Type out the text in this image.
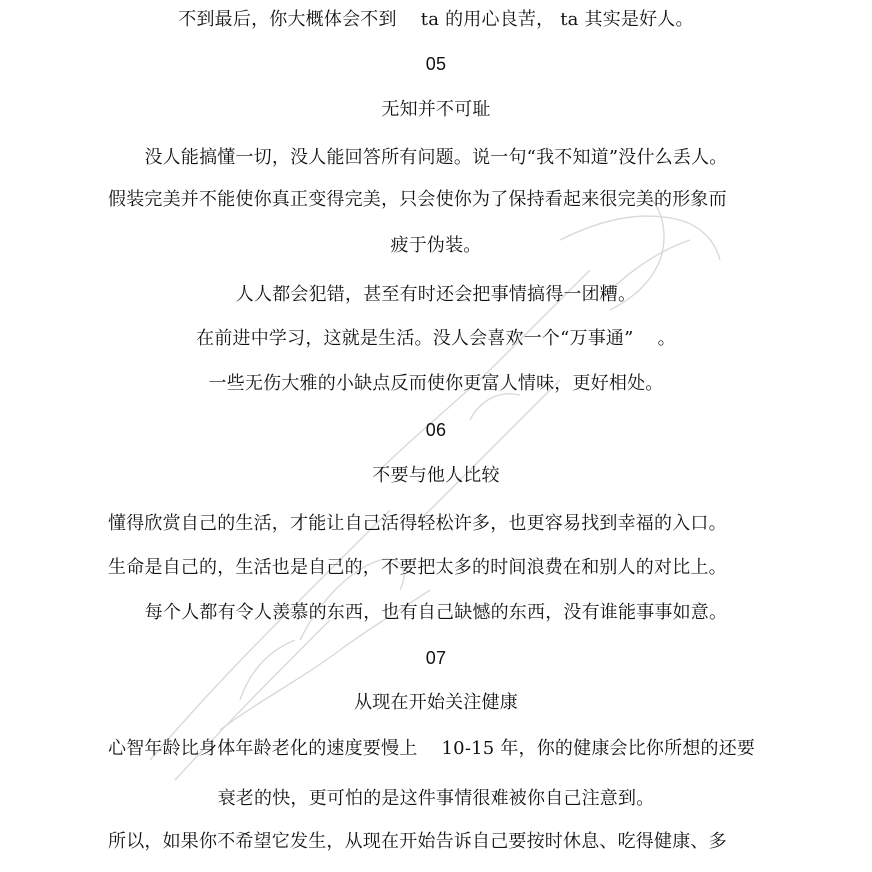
不到最后，你大概体会不到　 ta 的用心良苦， ta 其实是好人。
05
无知并不可耻
没人能搞懂一切，没人能回答所有问题。说一句“我不知道”没什么丢人。
假装完美并不能使你真正变得完美，只会使你为了保持看起来很完美的形象而
疲于伪装。
人人都会犯错，甚至有时还会把事情搞得一团糟。
在前进中学习，这就是生活。没人会喜欢一个“万事通”　 。
一些无伤大雅的小缺点反而使你更富人情味，更好相处。
06
不要与他人比较
懂得欣赏自己的生活，才能让自己活得轻松许多，也更容易找到幸福的入口。
生命是自己的，生活也是自己的，不要把太多的时间浪费在和别人的对比上。
每个人都有令人羡慕的东西，也有自己缺憾的东西，没有谁能事事如意。
07
从现在开始关注健康
心智年龄比身体年龄老化的速度要慢上　 10-15 年，你的健康会比你所想的还要
衰老的快，更可怕的是这件事情很难被你自己注意到。
所以，如果你不希望它发生，从现在开始告诉自己要按时休息、吃得健康、多
